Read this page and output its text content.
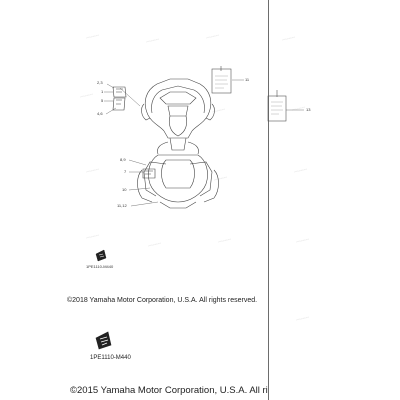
▭▭▭▭▭▭▭
▭▭▭▭▭▭▭
▭▭▭▭▭▭▭	▭▭▭▭▭▭▭
▭▭▭▭▭▭▭
▭▭▭▭▭▭▭	▭▭▭▭▭▭▭
▭▭▭▭▭▭▭
▭▭▭▭▭▭▭
▭▭▭▭▭▭▭
▭▭▭▭▭▭▭
▭▭▭▭▭▭▭
▭▭▭▭▭▭▭	▭▭▭▭▭▭▭
▭▭▭▭▭▭▭
2,3
1
5
4,6
8,9
7
10
11,12
11
13
1PE1110-M440
1PE1110-M440
©2018 Yamaha Motor Corporation, U.S.A. All rights reserved.
©2015 Yamaha Motor Corporation, U.S.A. All ri
